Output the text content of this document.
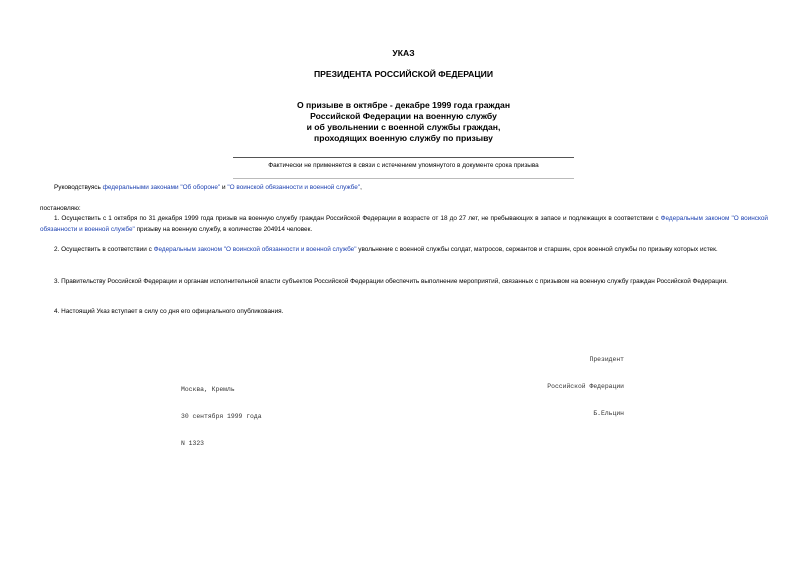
УКАЗ
ПРЕЗИДЕНТА РОССИЙСКОЙ ФЕДЕРАЦИИ
О призыве в октябре - декабре 1999 года граждан
Российской Федерации на военную службу
и об увольнении с военной службы граждан,
проходящих военную службу по призыву
Фактически не применяется в связи с истечением упомянутого в документе срока призыва
Руководствуясь федеральными законами "Об обороне" и "О воинской обязанности и военной службе",
постановляю:
1. Осуществить с 1 октября по 31 декабря 1999 года призыв на военную службу граждан Российской Федерации в возрасте от 18 до 27 лет, не пребывающих в запасе и подлежащих в соответствии с Федеральным законом "О воинской обязанности и военной службе" призыву на военную службу, в количестве 204914 человек.
2. Осуществить в соответствии с Федеральным законом "О воинской обязанности и военной службе" увольнение с военной службы солдат, матросов, сержантов и старшин, срок военной службы по призыву которых истек.
3. Правительству Российской Федерации и органам исполнительной власти субъектов Российской Федерации обеспечить выполнение мероприятий, связанных с призывом на военную службу граждан Российской Федерации.
4. Настоящий Указ вступает в силу со дня его официального опубликования.

Президент

Российской Федерации

Б.Ельцин

Москва, Кремль

30 сентября 1999 года

N 1323
